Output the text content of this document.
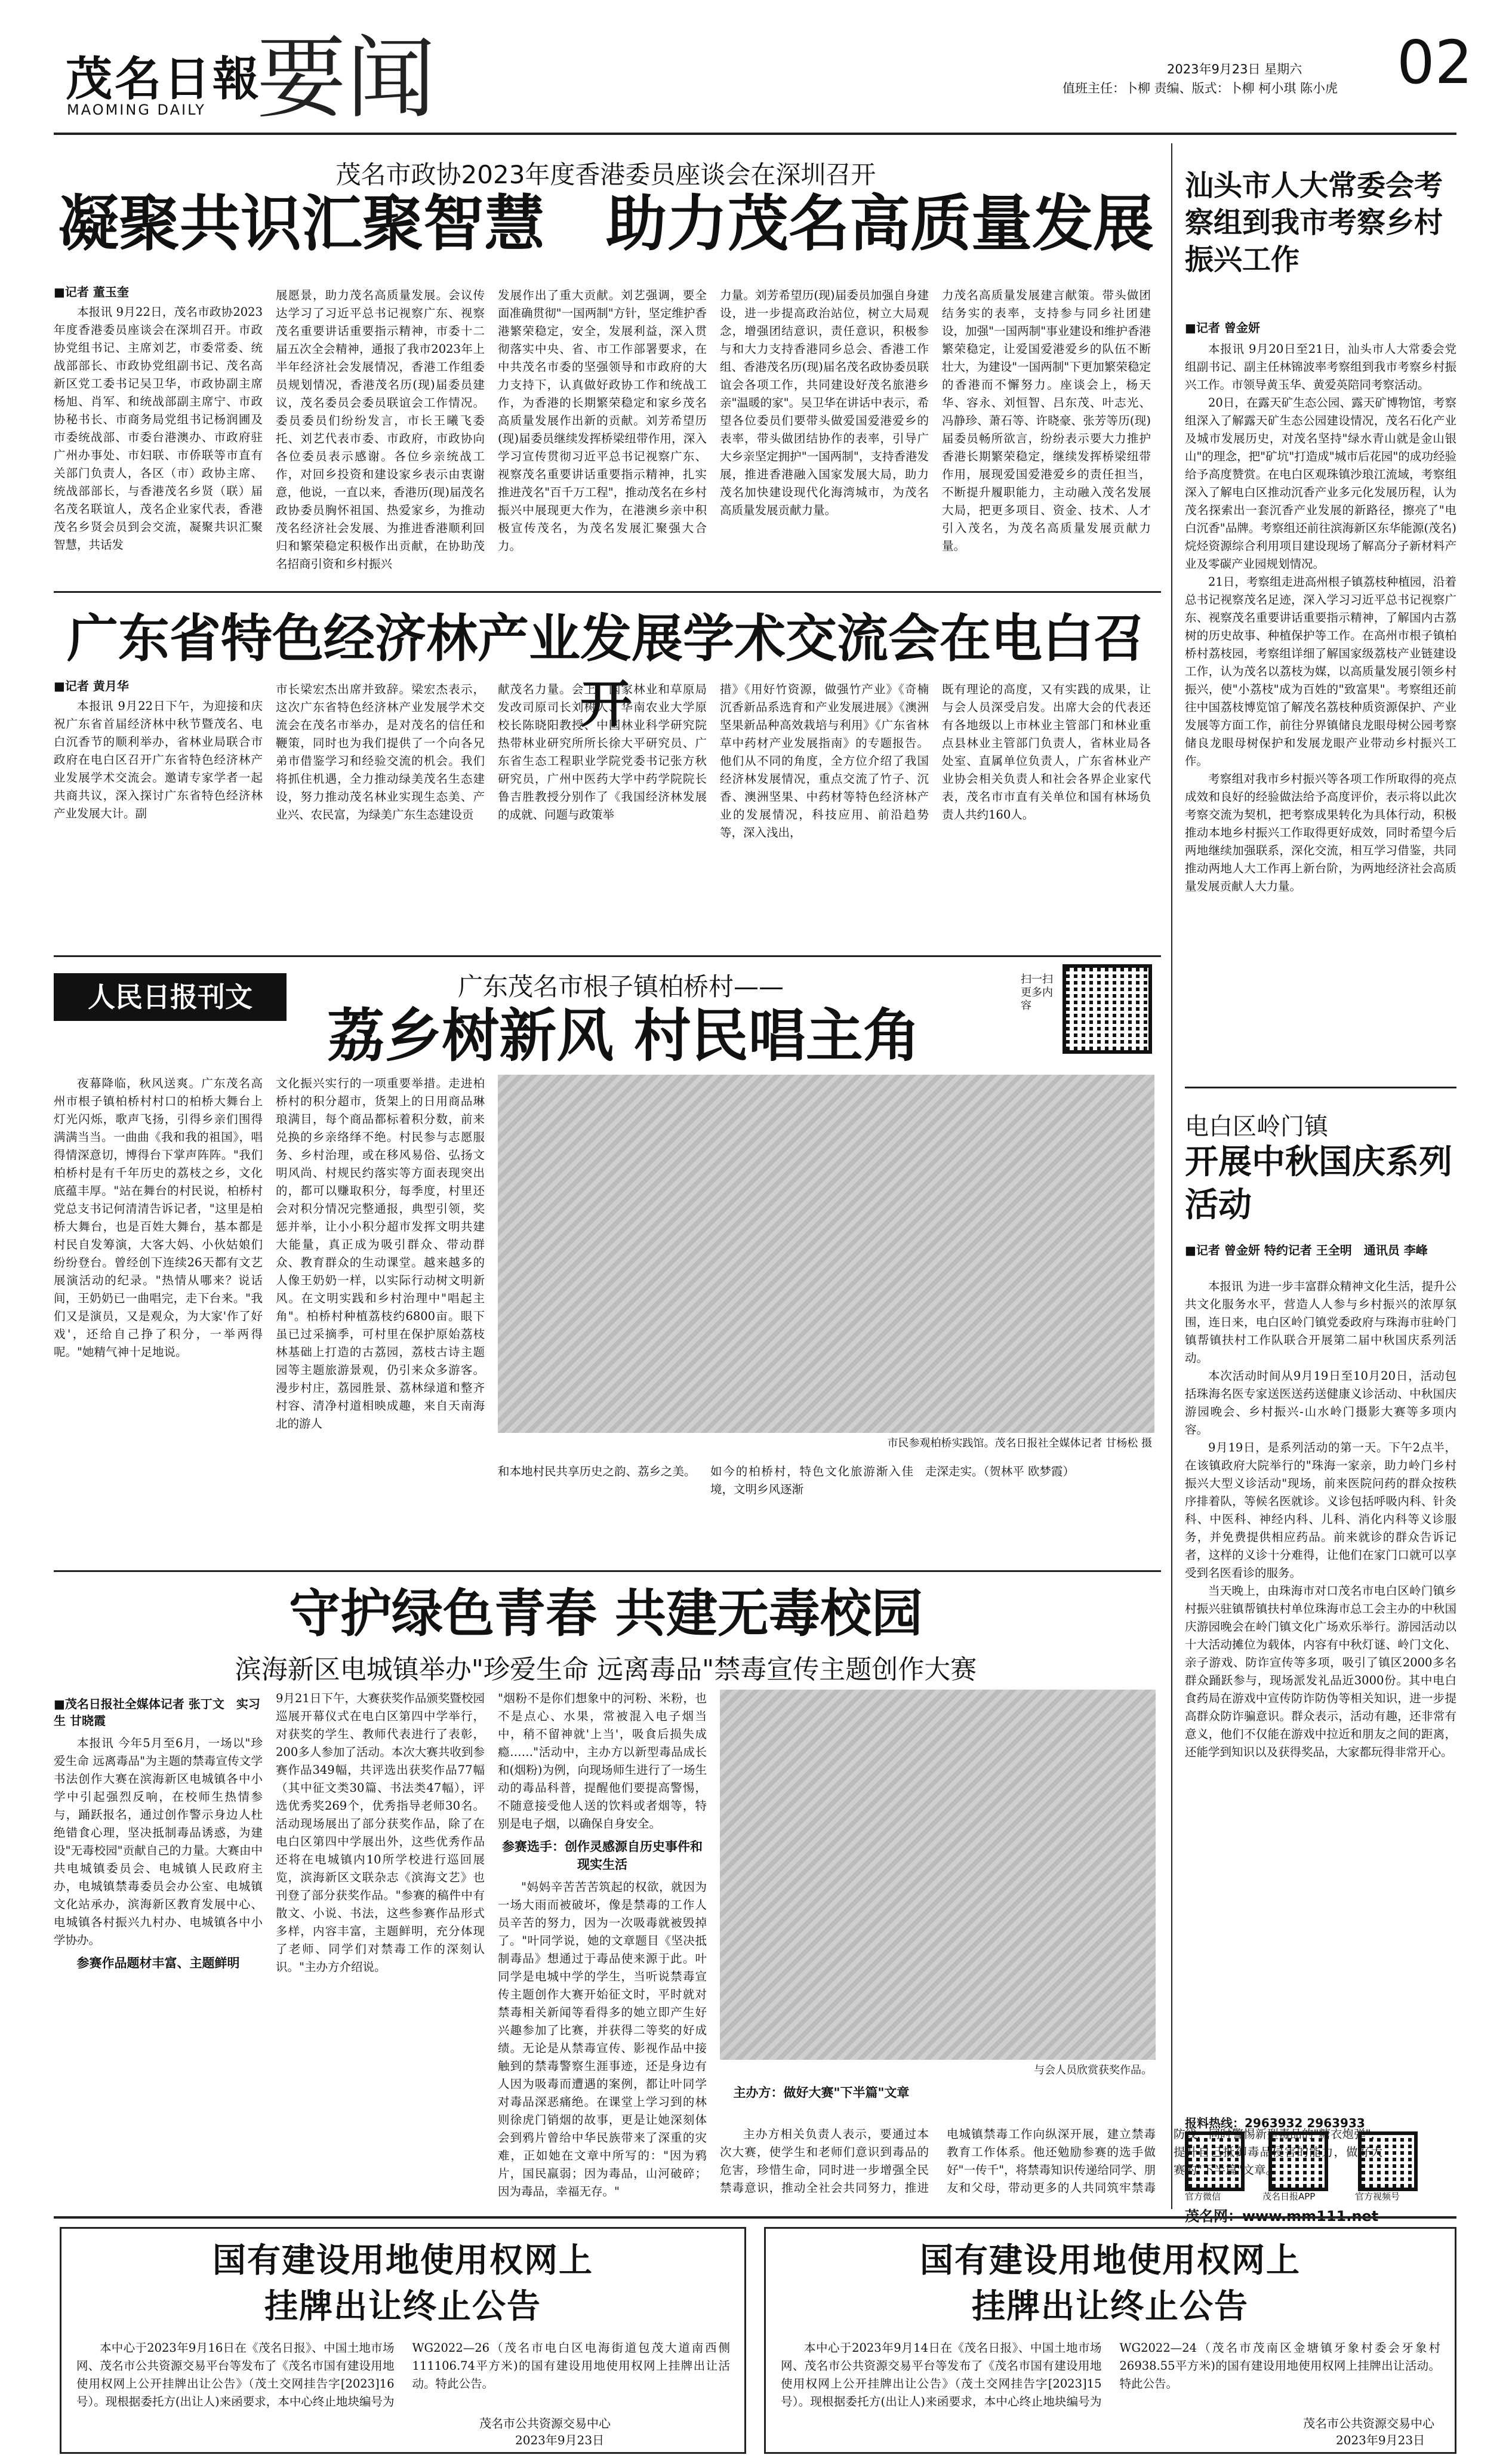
茂名日報
MAOMING DAILY 要闻	2023年9月23日 星期六 02
值班主任：卜柳 责编、版式：卜柳 柯小琪 陈小虎
茂名市政协2023年度香港委员座谈会在深圳召开
凝聚共识汇聚智慧　助力茂名高质量发展
■记者 董玉奎

本报讯 9月22日，茂名市政协2023年度香港委员座谈会在深圳召开。市政协党组书记、主席刘艺，市委常委、统战部部长、市政协党组副书记、茂名高新区党工委书记吴卫华，市政协副主席杨旭、肖军、和统战部副主席宁、市政协秘书长、市商务局党组书记杨润圃及市委统战部、市委台港澳办、市政府驻广州办事处、市妇联、市侨联等市直有关部门负责人，各区（市）政协主席、统战部部长，与香港茂名乡贤（联）届名茂名联谊人，茂名企业家代表，香港茂名乡贤会员到会交流，凝聚共识汇聚智慧，共话发

展愿景，助力茂名高质量发展。会议传达学习了习近平总书记视察广东、视察茂名重要讲话重要指示精神，市委十二届五次全会精神，通报了我市2023年上半年经济社会发展情况，香港工作组委员规划情况，香港茂名历(现)届委员建议，茂名委员会委员联谊会工作情况。委员委员们纷纷发言，市长王曦飞委托、刘艺代表市委、市政府，市政协向各位委员表示感谢。各位乡亲统战工作，对回乡投资和建设家乡表示由衷谢意，他说，一直以来，香港历(现)届茂名政协委员胸怀祖国、热爱家乡，为推动茂名经济社会发展、为推进香港顺利回归和繁荣稳定积极作出贡献，在协助茂名招商引资和乡村振兴

发展作出了重大贡献。刘艺强调，要全面准确贯彻"一国两制"方针，坚定维护香港繁荣稳定，安全，发展利益，深入贯彻落实中央、省、市工作部署要求，在中共茂名市委的坚强领导和市政府的大力支持下，认真做好政协工作和统战工作，为香港的长期繁荣稳定和家乡茂名高质量发展作出新的贡献。刘芳希望历(现)届委员继续发挥桥梁纽带作用，深入学习宣传贯彻习近平总书记视察广东、视察茂名重要讲话重要指示精神，扎实推进茂名"百千万工程"，推动茂名在乡村振兴中展现更大作为，在港澳乡亲中积极宣传茂名，为茂名发展汇聚强大合力。

力量。刘芳希望历(现)届委员加强自身建设，进一步提高政治站位，树立大局观念，增强团结意识，责任意识，积极参与和大力支持香港同乡总会、香港工作组、香港茂名历(现)届名茂名政协委员联谊会各项工作，共同建设好茂名旅港乡亲"温暖的家"。吴卫华在讲话中表示，希望各位委员们要带头做爱国爱港爱乡的表率，带头做团结协作的表率，引导广大乡亲坚定拥护"一国两制"，支持香港发展，推进香港融入国家发展大局，助力茂名加快建设现代化海湾城市，为茂名高质量发展贡献力量。

力茂名高质量发展建言献策。带头做团结务实的表率，支持参与同乡社团建设，加强"一国两制"事业建设和维护香港繁荣稳定，让爱国爱港爱乡的队伍不断壮大，为建设"一国两制"下更加繁荣稳定的香港而不懈努力。座谈会上，杨天华、容永、刘恒智、吕东茂、叶志光、冯静珍、萧石等、许晓豪、张芳等历(现)届委员畅所欲言，纷纷表示要大力推护香港长期繁荣稳定，继续发挥桥梁纽带作用，展现爱国爱港爱乡的责任担当，不断提升履职能力，主动融入茂名发展大局，把更多项目、资金、技术、人才引入茂名，为茂名高质量发展贡献力量。

汕头市人大常委会考察组到我市考察乡村振兴工作
■记者 曾金妍

本报讯 9月20日至21日，汕头市人大常委会党组副书记、副主任林锦波率考察组到我市考察乡村振兴工作。市领导黄玉华、黄爱英陪同考察活动。

20日，在露天矿生态公园、露天矿博物馆，考察组深入了解露天矿生态公园建设情况，茂名石化产业及城市发展历史，对茂名坚持"绿水青山就是金山银山"的理念，把"矿坑"打造成"城市后花园"的成功经验给予高度赞赏。在电白区观珠镇沙琅江流域，考察组深入了解电白区推动沉香产业多元化发展历程，认为茂名探索出一套沉香产业发展的新路径，擦亮了"电白沉香"品牌。考察组还前往滨海新区东华能源(茂名)烷烃资源综合利用项目建设现场了解高分子新材料产业及零碳产业园规划情况。

21日，考察组走进高州根子镇荔枝种植园，沿着总书记视察茂名足迹，深入学习习近平总书记视察广东、视察茂名重要讲话重要指示精神，了解国内古荔树的历史故事、种植保护等工作。在高州市根子镇柏桥村荔枝园，考察组详细了解国家级荔枝产业链建设工作，认为茂名以荔枝为媒，以高质量发展引领乡村振兴，使"小荔枝"成为百姓的"致富果"。考察组还前往中国荔枝博览馆了解茂名荔枝种质资源保护、产业发展等方面工作，前往分界镇储良龙眼母树公园考察储良龙眼母树保护和发展龙眼产业带动乡村振兴工作。

考察组对我市乡村振兴等各项工作所取得的亮点成效和良好的经验做法给予高度评价，表示将以此次考察交流为契机，把考察成果转化为具体行动，积极推动本地乡村振兴工作取得更好成效，同时希望今后两地继续加强联系，深化交流，相互学习借鉴，共同推动两地人大工作再上新台阶，为两地经济社会高质量发展贡献人大力量。

广东省特色经济林产业发展学术交流会在电白召开
■记者 黄月华

本报讯 9月22日下午，为迎接和庆祝广东省首届经济林中秋节暨茂名、电白沉香节的顺利举办，省林业局联合市政府在电白区召开广东省特色经济林产业发展学术交流会。邀请专家学者一起共商共议，深入探讨广东省特色经济林产业发展大计。副

市长梁宏杰出席并致辞。梁宏杰表示，这次广东省特色经济林产业发展学术交流会在茂名市举办，是对茂名的信任和鞭策，同时也为我们提供了一个向各兄弟市借鉴学习和经验交流的机会。我们将抓住机遇，全力推动绿美茂名生态建设，努力推动茂名林业实现生态美、产业兴、农民富，为绿美广东生态建设贡

献茂名力量。会上，国家林业和草原局发改司原司长刘树人、华南农业大学原校长陈晓阳教授、中国林业科学研究院热带林业研究所所长徐大平研究员、广东省生态工程职业学院党委书记张方秋研究员，广州中医药大学中药学院院长鲁吉胜教授分别作了《我国经济林发展的成就、问题与政策举

措》《用好竹资源，做强竹产业》《奇楠沉香新品系选育和产业发展进展》《澳洲坚果新品种高效栽培与利用》《广东省林草中药材产业发展指南》的专题报告。他们从不同的角度，全方位介绍了我国经济林发展情况，重点交流了竹子、沉香、澳洲坚果、中药材等特色经济林产业的发展情况，科技应用、前沿趋势等，深入浅出，

既有理论的高度，又有实践的成果，让与会人员深受启发。出席大会的代表还有各地级以上市林业主管部门和林业重点县林业主管部门负责人，省林业局各处室、直属单位负责人，广东省林业产业协会相关负责人和社会各界企业家代表，茂名市市直有关单位和国有林场负责人共约160人。

人民日报刊文	广东茂名市根子镇柏桥村——
荔乡树新风 村民唱主角
扫一扫 更多内容

夜幕降临，秋风送爽。广东茂名高州市根子镇柏桥村村口的柏桥大舞台上灯光闪烁，歌声飞扬，引得乡亲们围得满满当当。一曲曲《我和我的祖国》，唱得情深意切，博得台下掌声阵阵。"我们柏桥村是有千年历史的荔枝之乡，文化底蕴丰厚。"站在舞台的村民说，柏桥村党总支书记何清清告诉记者，"这里是柏桥大舞台，也是百姓大舞台，基本都是村民自发筹演，大客大妈、小伙姑娘们纷纷登台。曾经创下连续26天都有文艺展演活动的纪录。"热情从哪来？说话间，王奶奶已一曲唱完，走下台来。"我们又是演员，又是观众，为大家'作了好戏'，还给自己挣了积分，一举两得呢。"她精气神十足地说。

文化振兴实行的一项重要举措。走进柏桥村的积分超市，货架上的日用商品琳琅满目，每个商品都标着积分数，前来兑换的乡亲络绎不绝。村民参与志愿服务、乡村治理，或在移风易俗、弘扬文明风尚、村规民约落实等方面表现突出的，都可以赚取积分，每季度，村里还会对积分情况完整通报，典型引领，奖惩并举，让小小积分超市发挥文明共建大能量，真正成为吸引群众、带动群众、教育群众的生动课堂。越来越多的人像王奶奶一样，以实际行动树文明新风。在文明实践和乡村治理中"唱起主角"。柏桥村种植荔枝约6800亩。眼下虽已过采摘季，可村里在保护原始荔枝林基础上打造的古荔园，荔枝古诗主题园等主题旅游景观，仍引来众多游客。漫步村庄，荔园胜景、荔林绿道和整齐村容、清净村道相映成趣，来自天南海北的游人

市民参观柏桥实践馆。茂名日报社全媒体记者 甘杨松 摄

和本地村民共享历史之韵、荔乡之美。	如今的柏桥村，特色文化旅游渐入佳境，文明乡风逐渐

走深走实。（贺林平 欧梦霞）

电白区岭门镇
开展中秋国庆系列活动
■记者 曾金妍 特约记者 王全明　通讯员 李峰

本报讯 为进一步丰富群众精神文化生活，提升公共文化服务水平，营造人人参与乡村振兴的浓厚氛围，连日来，电白区岭门镇党委政府与珠海市驻岭门镇帮镇扶村工作队联合开展第二届中秋国庆系列活动。

本次活动时间从9月19日至10月20日，活动包括珠海名医专家送医送药送健康义诊活动、中秋国庆游园晚会、乡村振兴-山水岭门摄影大赛等多项内容。

9月19日，是系列活动的第一天。下午2点半，在该镇政府大院举行的"珠海一家亲，助力岭门乡村振兴大型义诊活动"现场，前来医院问药的群众按秩序排着队，等候名医就诊。义诊包括呼吸内科、针灸科、中医科、神经内科、儿科、消化内科等义诊服务，并免费提供相应药品。前来就诊的群众告诉记者，这样的义诊十分难得，让他们在家门口就可以享受到名医看诊的服务。

当天晚上，由珠海市对口茂名市电白区岭门镇乡村振兴驻镇帮镇扶村单位珠海市总工会主办的中秋国庆游园晚会在岭门镇文化广场欢乐举行。游园活动以十大活动摊位为载体，内容有中秋灯谜、岭门文化、亲子游戏、防诈宣传等多项，吸引了镇区2000多名群众踊跃参与，现场派发礼品近3000份。其中电白食药局在游戏中宣传防诈防伪等相关知识，进一步提高群众防诈骗意识。群众表示，活动有趣，还非常有意义，他们不仅能在游戏中拉近和朋友之间的距离，还能学到知识以及获得奖品，大家都玩得非常开心。

报料热线：2963932 2963933
官方微信	茂名日报APP	官方视频号
守护绿色青春 共建无毒校园
滨海新区电城镇举办"珍爱生命 远离毒品"禁毒宣传主题创作大赛
■茂名日报社全媒体记者 张丁文　实习生 甘晓霞

本报讯 今年5月至6月，一场以"珍爱生命 远离毒品"为主题的禁毒宣传文学书法创作大赛在滨海新区电城镇各中小学中引起强烈反响，在校师生热情参与，踊跃报名，通过创作警示身边人杜绝错食心理，坚决抵制毒品诱惑，为建设"无毒校园"贡献自己的力量。大赛由中共电城镇委员会、电城镇人民政府主办，电城镇禁毒委员会办公室、电城镇文化站承办，滨海新区教育发展中心、电城镇各村振兴九村办、电城镇各中小学协办。

参赛作品题材丰富、主题鲜明

9月21日下午，大赛获奖作品颁奖暨校园巡展开幕仪式在电白区第四中学举行，对获奖的学生、教师代表进行了表彰，200多人参加了活动。本次大赛共收到参赛作品349幅，共评选出获奖作品77幅（其中征文类30篇、书法类47幅），评选优秀奖269个，优秀指导老师30名。活动现场展出了部分获奖作品，除了在电白区第四中学展出外，这些优秀作品还将在电城镇内10所学校进行巡回展览，滨海新区文联杂志《滨海文艺》也刊登了部分获奖作品。"参赛的稿件中有散文、小说、书法，这些参赛作品形式多样，内容丰富，主题鲜明，充分体现了老师、同学们对禁毒工作的深刻认识。"主办方介绍说。

"烟粉不是你们想象中的河粉、米粉，也不是点心、水果，常被混入电子烟当中，稍不留神就'上当'，吸食后损失成瘾……"活动中，主办方以新型毒品成长和(烟粉)为例，向现场师生进行了一场生动的毒品科普，提醒他们要提高警惕，不随意接受他人送的饮料或者烟等，特别是电子烟，以确保自身安全。

参赛选手：创作灵感源自历史事件和现实生活

"妈妈辛苦苦苦筑起的权欲，就因为一场大雨而被破坏，像是禁毒的工作人员辛苦的努力，因为一次吸毒就被毁掉了。"叶同学说，她的文章题目《坚决抵制毒品》想通过于毒品使来源于此。叶同学是电城中学的学生，当听说禁毒宣传主题创作大赛开始征文时，平时就对禁毒相关新闻等看得多的她立即产生好兴趣参加了比赛，并获得二等奖的好成绩。无论是从禁毒宣传、影视作品中接触到的禁毒警察生涯事迹，还是身边有人因为吸毒而遭遇的案例，都让叶同学对毒品深恶痛绝。在课堂上学习到的林则徐虎门销烟的故事，更是让她深刻体会到鸦片曾给中华民族带来了深重的灾难，正如她在文章中所写的："因为鸦片，国民羸弱；因为毒品，山河破碎；因为毒品，幸福无存。"

与会人员欣赏获奖作品。
主办方：做好大赛"下半篇"文章

主办方相关负责人表示，要通过本次大赛，使学生和老师们意识到毒品的危害，珍惜生命，同时进一步增强全民禁毒意识，推动全社会共同努力，推进电城镇禁毒工作向纵深开展，建立禁毒教育工作体系。他还勉励参赛的选手做好"一传千"，将禁毒知识传递给同学、朋友和父母，带动更多的人共同筑牢禁毒防线，同时警惕新型毒品的"糖衣炮弹"，提升自己抵御毒品侵害的能力，做好大赛的"下半篇"文章。

国有建设用地使用权网上
挂牌出让终止公告

本中心于2023年9月16日在《茂名日报》、中国土地市场网、茂名市公共资源交易平台等发布了《茂名市国有建设用地使用权网上公开挂牌出让公告》（茂土交网挂告字[2023]16号）。现根据委托方(出让人)来函要求，本中心终止地块编号为WG2022—26（茂名市电白区电海街道包茂大道南西侧111106.74平方米)的国有建设用地使用权网上挂牌出让活动。特此公告。

茂名市公共资源交易中心
2023年9月23日
国有建设用地使用权网上
挂牌出让终止公告

本中心于2023年9月14日在《茂名日报》、中国土地市场网、茂名市公共资源交易平台等发布了《茂名市国有建设用地使用权网上公开挂牌出让公告》（茂土交网挂告字[2023]15号）。现根据委托方(出让人)来函要求，本中心终止地块编号为WG2022—24（茂名市茂南区金塘镇牙象村委会牙象村26938.55平方米)的国有建设用地使用权网上挂牌出让活动。特此公告。

茂名市公共资源交易中心
2023年9月23日
